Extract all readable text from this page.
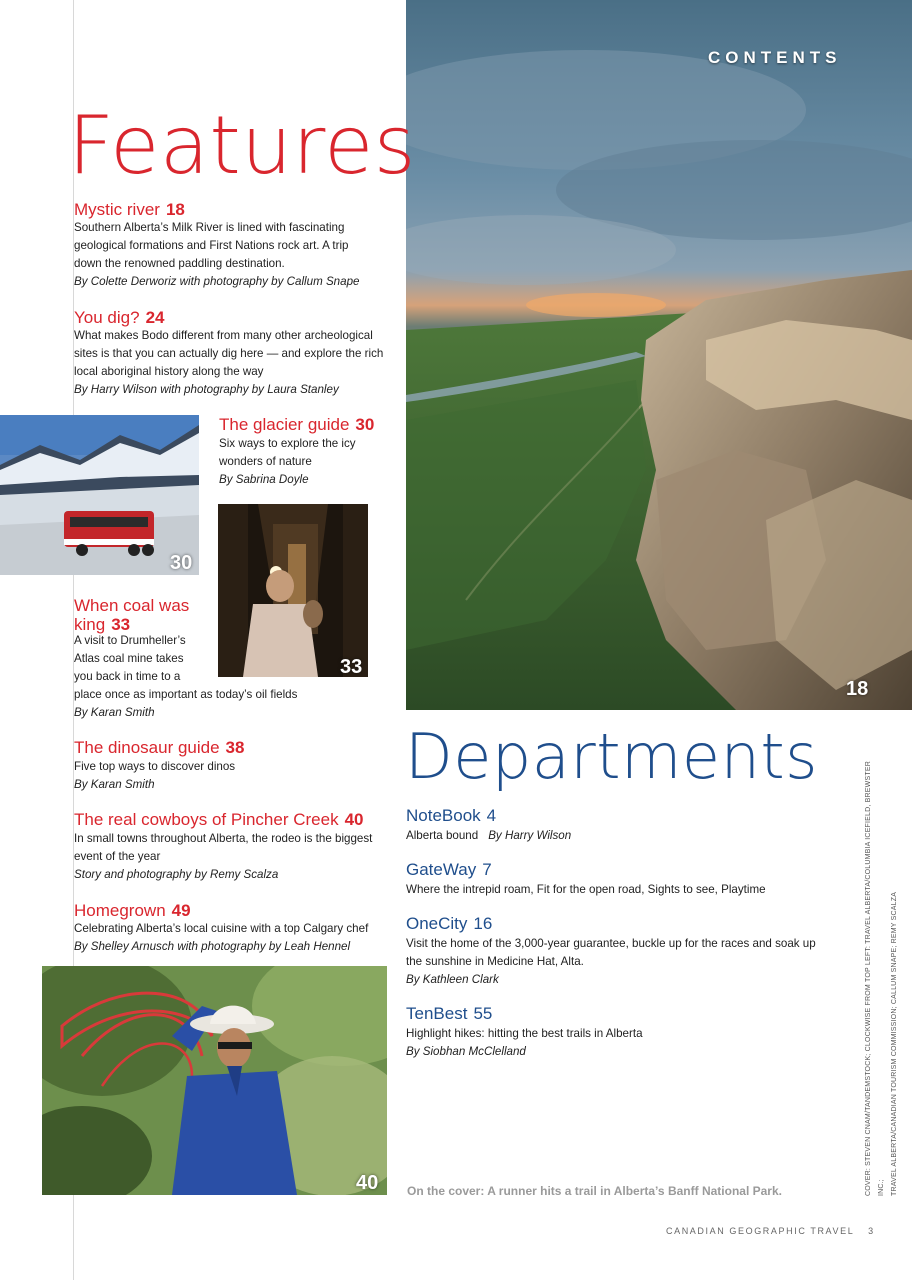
CONTENTS
18
Features
Mystic river 18
Southern Alberta’s Milk River is lined with fascinating
geological formations and First Nations rock art. A trip
down the renowned paddling destination.
By Colette Derworiz with photography by Callum Snape
You dig? 24
What makes Bodo different from many other archeological
sites is that you can actually dig here — and explore the rich
local aboriginal history along the way
By Harry Wilson with photography by Laura Stanley
30
The glacier guide 30
Six ways to explore the icy
wonders of nature
By Sabrina Doyle
33
When coal was
king 33
A visit to Drumheller’s
Atlas coal mine takes
you back in time to a
place once as important as today’s oil fields
By Karan Smith
The dinosaur guide 38
Five top ways to discover dinos
By Karan Smith
The real cowboys of Pincher Creek 40
In small towns throughout Alberta, the rodeo is the biggest
event of the year
Story and photography by Remy Scalza
Homegrown 49
Celebrating Alberta’s local cuisine with a top Calgary chef
By Shelley Arnusch with photography by Leah Hennel
40
Departments
NoteBook 4
Alberta bound By Harry Wilson
GateWay 7
Where the intrepid roam, Fit for the open road, Sights to see, Playtime
OneCity 16
Visit the home of the 3,000-year guarantee, buckle up for the races and soak up
the sunshine in Medicine Hat, Alta.
By Kathleen Clark
TenBest 55
Highlight hikes: hitting the best trails in Alberta
By Siobhan McClelland	COVER: STEVEN CNAM/TANDEMSTOCK; CLOCKWISE FROM TOP LEFT: TRAVEL ALBERTA/COLUMBIA ICEFIELD, BREWSTER INC.; TRAVEL ALBERTA/CANADIAN TOURISM COMMISSION; CALLUM SNAPE; REMY SCALZA
On the cover: A runner hits a trail in Alberta’s Banff National Park.
CANADIAN GEOGRAPHIC TRAVEL 3
